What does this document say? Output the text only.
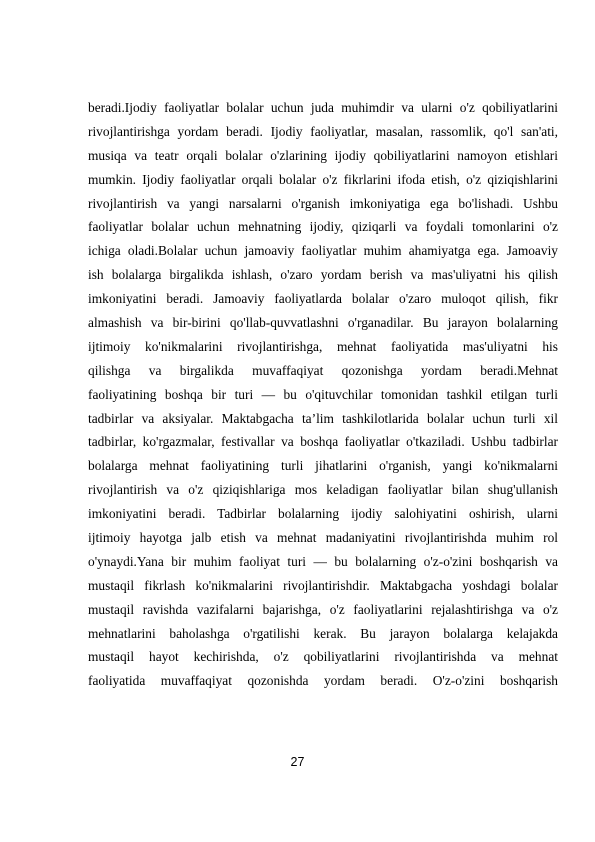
beradi.Ijodiy faoliyatlar bolalar uchun juda muhimdir va ularni o'z qobiliyatlarini
rivojlantirishga yordam beradi. Ijodiy faoliyatlar, masalan, rassomlik, qo'l san'ati,
musiqa va teatr orqali bolalar o'zlarining ijodiy qobiliyatlarini namoyon etishlari
mumkin. Ijodiy faoliyatlar orqali bolalar o'z fikrlarini ifoda etish, o'z qiziqishlarini
rivojlantirish va yangi narsalarni o'rganish imkoniyatiga ega bo'lishadi. Ushbu
faoliyatlar bolalar uchun mehnatning ijodiy, qiziqarli va foydali tomonlarini o'z
ichiga oladi.Bolalar uchun jamoaviy faoliyatlar muhim ahamiyatga ega. Jamoaviy
ish bolalarga birgalikda ishlash, o'zaro yordam berish va mas'uliyatni his qilish
imkoniyatini beradi. Jamoaviy faoliyatlarda bolalar o'zaro muloqot qilish, fikr
almashish va bir-birini qo'llab-quvvatlashni o'rganadilar. Bu jarayon bolalarning
ijtimoiy ko'nikmalarini rivojlantirishga, mehnat faoliyatida mas'uliyatni his
qilishga va birgalikda muvaffaqiyat qozonishga yordam beradi.Mehnat
faoliyatining boshqa bir turi — bu o'qituvchilar tomonidan tashkil etilgan turli
tadbirlar va aksiyalar. Maktabgacha ta’lim tashkilotlarida bolalar uchun turli xil
tadbirlar, ko'rgazmalar, festivallar va boshqa faoliyatlar o'tkaziladi. Ushbu tadbirlar
bolalarga mehnat faoliyatining turli jihatlarini o'rganish, yangi ko'nikmalarni
rivojlantirish va o'z qiziqishlariga mos keladigan faoliyatlar bilan shug'ullanish
imkoniyatini beradi. Tadbirlar bolalarning ijodiy salohiyatini oshirish, ularni
ijtimoiy hayotga jalb etish va mehnat madaniyatini rivojlantirishda muhim rol
o'ynaydi.Yana bir muhim faoliyat turi — bu bolalarning o'z-o'zini boshqarish va
mustaqil fikrlash ko'nikmalarini rivojlantirishdir. Maktabgacha yoshdagi bolalar
mustaqil ravishda vazifalarni bajarishga, o'z faoliyatlarini rejalashtirishga va o'z
mehnatlarini baholashga o'rgatilishi kerak. Bu jarayon bolalarga kelajakda
mustaqil hayot kechirishda, o'z qobiliyatlarini rivojlantirishda va mehnat
faoliyatida muvaffaqiyat qozonishda yordam beradi. O'z-o'zini boshqarish
27
